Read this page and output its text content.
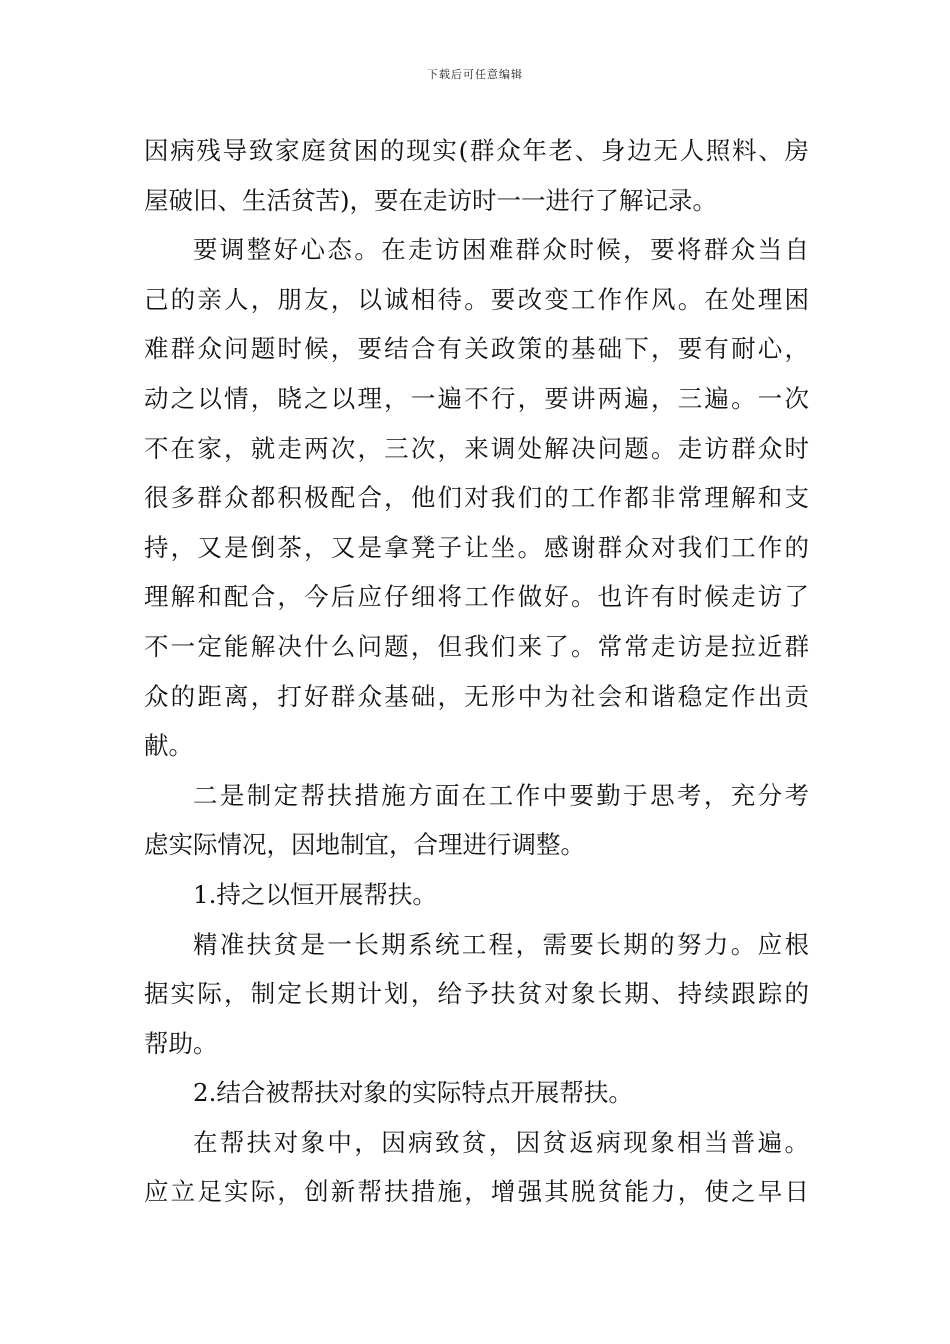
下载后可任意编辑
因病残导致家庭贫困的现实(群众年老、身边无人照料、房
屋破旧、生活贫苦)，要在走访时一一进行了解记录。
要调整好心态。在走访困难群众时候，要将群众当自
己的亲人，朋友，以诚相待。要改变工作作风。在处理困
难群众问题时候，要结合有关政策的基础下，要有耐心，
动之以情，晓之以理，一遍不行，要讲两遍，三遍。一次
不在家，就走两次，三次，来调处解决问题。走访群众时
很多群众都积极配合，他们对我们的工作都非常理解和支
持，又是倒茶，又是拿凳子让坐。感谢群众对我们工作的
理解和配合，今后应仔细将工作做好。也许有时候走访了
不一定能解决什么问题，但我们来了。常常走访是拉近群
众的距离，打好群众基础，无形中为社会和谐稳定作出贡
献。
二是制定帮扶措施方面在工作中要勤于思考，充分考
虑实际情况，因地制宜，合理进行调整。
1.持之以恒开展帮扶。
精准扶贫是一长期系统工程，需要长期的努力。应根
据实际，制定长期计划，给予扶贫对象长期、持续跟踪的
帮助。
2.结合被帮扶对象的实际特点开展帮扶。
在帮扶对象中，因病致贫，因贫返病现象相当普遍。
应立足实际，创新帮扶措施，增强其脱贫能力，使之早日
